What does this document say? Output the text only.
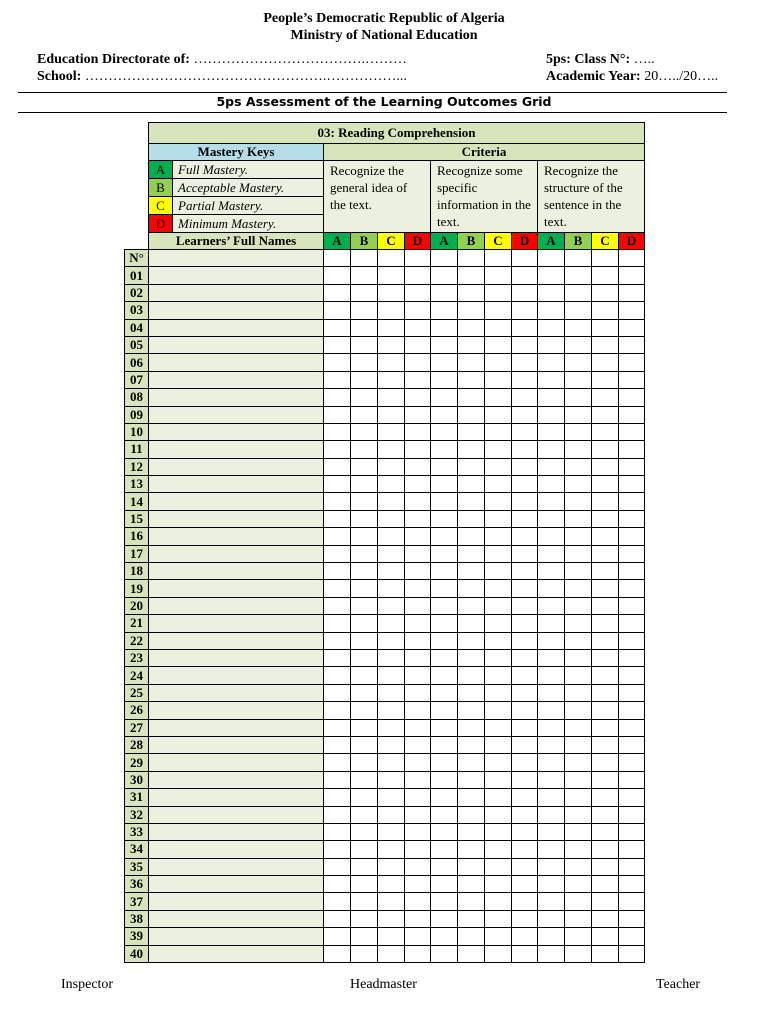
People’s Democratic Republic of Algeria
Ministry of National Education
Education Directorate of: ……………………………….………
School: …………………………………………….……………...
5ps: Class N°: …..
Academic Year: 20…../20…..
5ps Assessment of the Learning Outcomes Grid
	03: Reading Comprehension													
	Mastery Keys		Criteria											
	A	Full Mastery.	Recognize the general idea of the text.				Recognize some specific information in the text.				Recognize the structure of the sentence in the text.			
	B	Acceptable Mastery.												
	C	Partial Mastery.												
	D	Minimum Mastery.												
	Learners’ Full Names		A	B	C	D	A	B	C	D	A	B	C	D
N°														
01														
02														
03														
04														
05														
06														
07														
08														
09														
10														
11														
12														
13														
14														
15														
16														
17														
18														
19														
20														
21														
22														
23														
24														
25														
26														
27														
28														
29														
30														
31														
32														
33														
34														
35														
36														
37														
38														
39														
40														
Inspector	Headmaster	Teacher
